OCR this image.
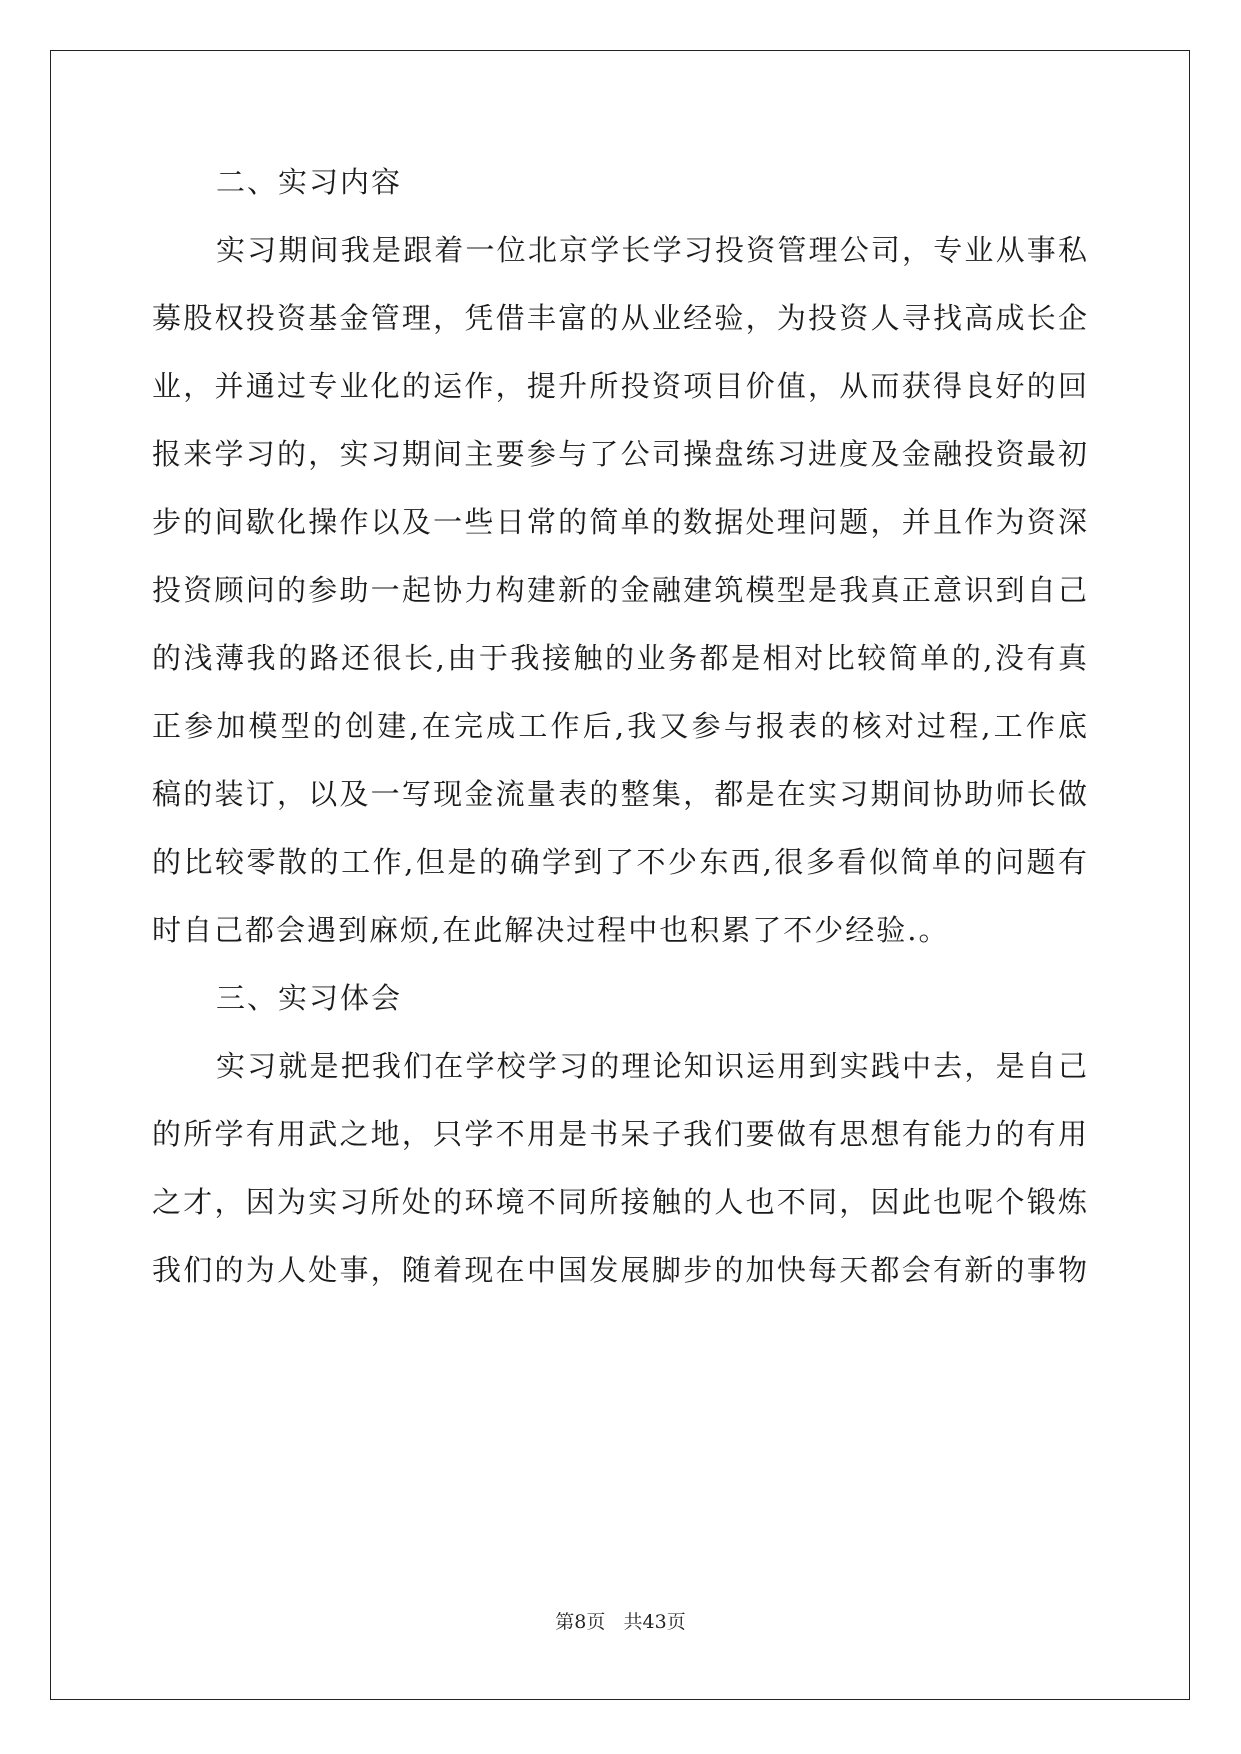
二、实习内容
实习期间我是跟着一位北京学长学习投资管理公司，专业从事私
募股权投资基金管理，凭借丰富的从业经验，为投资人寻找高成长企
业，并通过专业化的运作，提升所投资项目价值，从而获得良好的回
报来学习的，实习期间主要参与了公司操盘练习进度及金融投资最初
步的间歇化操作以及一些日常的简单的数据处理问题，并且作为资深
投资顾问的参助一起协力构建新的金融建筑模型是我真正意识到自己
的浅薄我的路还很长,由于我接触的业务都是相对比较简单的,没有真
正参加模型的创建,在完成工作后,我又参与报表的核对过程,工作底
稿的装订，以及一写现金流量表的整集，都是在实习期间协助师长做
的比较零散的工作,但是的确学到了不少东西,很多看似简单的问题有
时自己都会遇到麻烦,在此解决过程中也积累了不少经验.。
三、实习体会
实习就是把我们在学校学习的理论知识运用到实践中去，是自己
的所学有用武之地，只学不用是书呆子我们要做有思想有能力的有用
之才，因为实习所处的环境不同所接触的人也不同，因此也呢个锻炼
我们的为人处事，随着现在中国发展脚步的加快每天都会有新的事物
第8页 共43页
